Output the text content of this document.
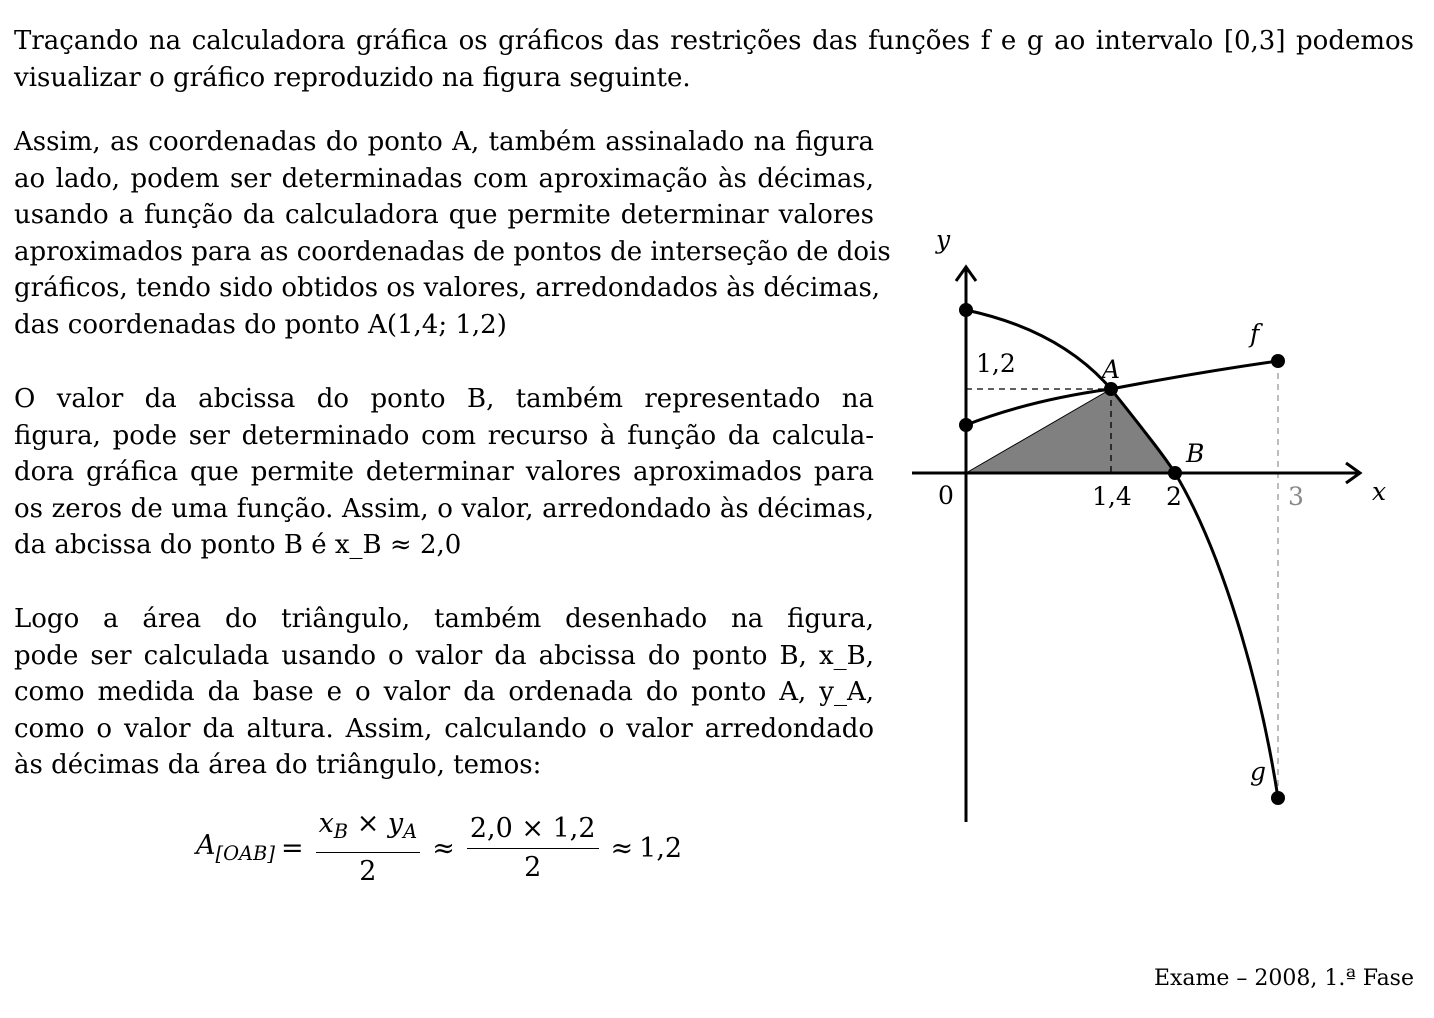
Traçando na calculadora gráfica os gráficos das restrições das funções f e g ao intervalo [0,3] podemos
visualizar o gráfico reproduzido na figura seguinte.

Assim, as coordenadas do ponto A, também assinalado na figura
ao lado, podem ser determinadas com aproximação às décimas,
usando a função da calculadora que permite determinar valores
aproximados para as coordenadas de pontos de interseção de dois
gráficos, tendo sido obtidos os valores, arredondados às décimas,
das coordenadas do ponto A(1,4; 1,2)

O valor da abcissa do ponto B, também representado na
figura, pode ser determinado com recurso à função da calcula-
dora gráfica que permite determinar valores aproximados para
os zeros de uma função. Assim, o valor, arredondado às décimas,
da abcissa do ponto B é x_B ≈ 2,0

Logo a área do triângulo, também desenhado na figura,
pode ser calculada usando o valor da abcissa do ponto B, x_B,
como medida da base e o valor da ordenada do ponto A, y_A,
como o valor da altura. Assim, calculando o valor arredondado
às décimas da área do triângulo, temos:

$A_{[OAB]} = \frac{x_B \times y_A}{2} \approx \frac{2,0 \times 1,2}{2} \approx 1,2$
Exame – 2008, 1.ª Fase
y
x
0	1,4 2	3
1,2	A
B
f
g
